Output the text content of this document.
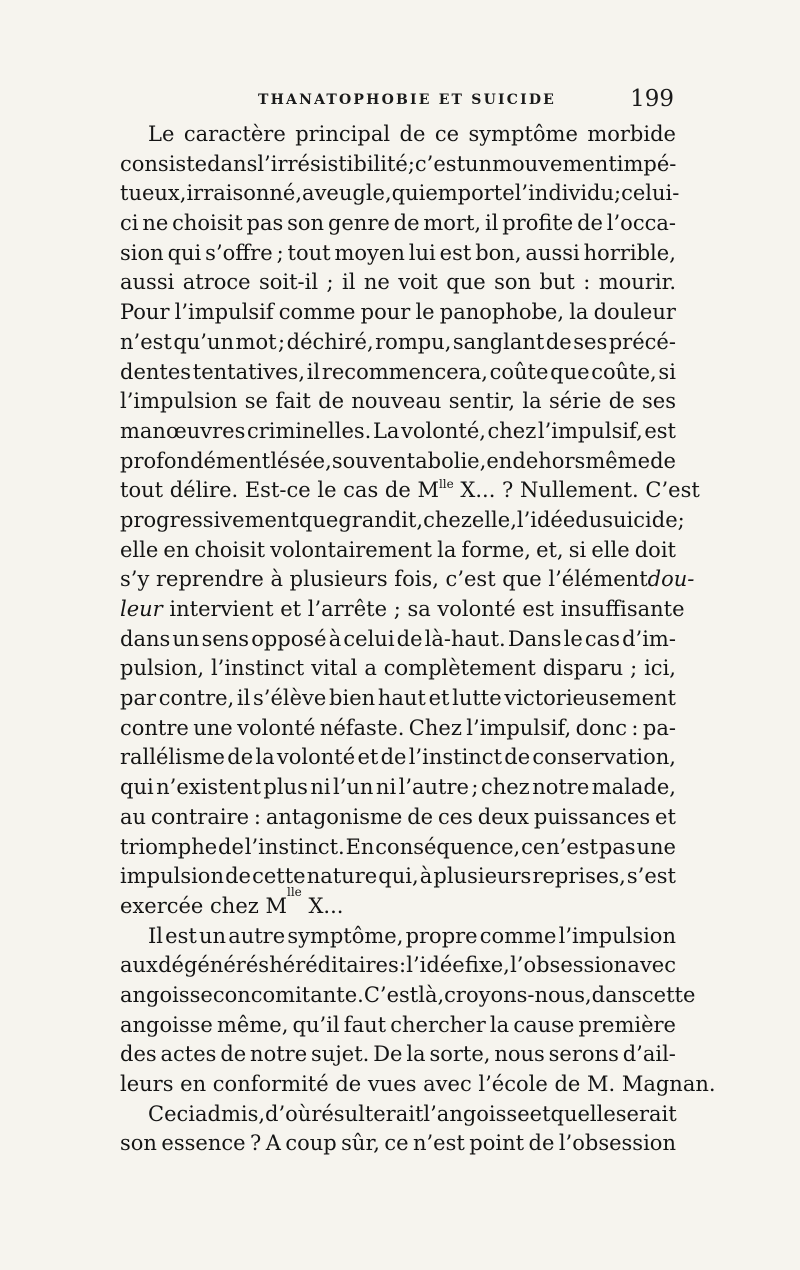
THANATOPHOBIE ET SUICIDE	199
Le caractère principal de ce symptôme morbide
consiste dans l’irrésistibilité ; c’est un mouvement impé-
tueux, irraisonné, aveugle, qui emporte l’individu ; celui-
ci ne choisit pas son genre de mort, il profite de l’occa-
sion qui s’offre ; tout moyen lui est bon, aussi horrible,
aussi atroce soit-il ; il ne voit que son but : mourir.
Pour l’impulsif comme pour le panophobe, la douleur
n’est qu’un mot ; déchiré, rompu, sanglant de ses précé-
dentes tentatives, il recommencera, coûte que coûte, si
l’impulsion se fait de nouveau sentir, la série de ses
manœuvres criminelles. La volonté, chez l’impulsif, est
profondément lésée, souvent abolie, en dehors même de
tout délire. Est-ce le cas de $M^{lle}$ X... ? Nullement. C’est
progressivement que grandit, chez elle, l’idée du suicide ;
elle en choisit volontairement la forme, et, si elle doit
s’y reprendre à plusieurs fois, c’est que l’élément dou-
leur intervient et l’arrête ; sa volonté est insuffisante
dans un sens opposé à celui de là-haut. Dans le cas d’im-
pulsion, l’instinct vital a complètement disparu ; ici,
par contre, il s’élève bien haut et lutte victorieusement
contre une volonté néfaste. Chez l’impulsif, donc : pa-
rallélisme de la volonté et de l’instinct de conservation,
qui n’existent plus ni l’un ni l’autre ; chez notre malade,
au contraire : antagonisme de ces deux puissances et
triomphe de l’instinct. En conséquence, ce n’est pas une
impulsion de cette nature qui, à plusieurs reprises, s’est
exercée chez M
lle
X...
Il est un autre symptôme, propre comme l’impulsion
aux dégénérés héréditaires : l’idée fixe, l’obsession avec
angoisse concomitante. C’est là, croyons-nous, dans cette
angoisse même, qu’il faut chercher la cause première
des actes de notre sujet. De la sorte, nous serons d’ail-
leurs en conformité de vues avec l’école de M. Magnan.
Ceci admis, d’où résulterait l’angoisse et quelle serait
son essence ? A coup sûr, ce n’est point de l’obsession
